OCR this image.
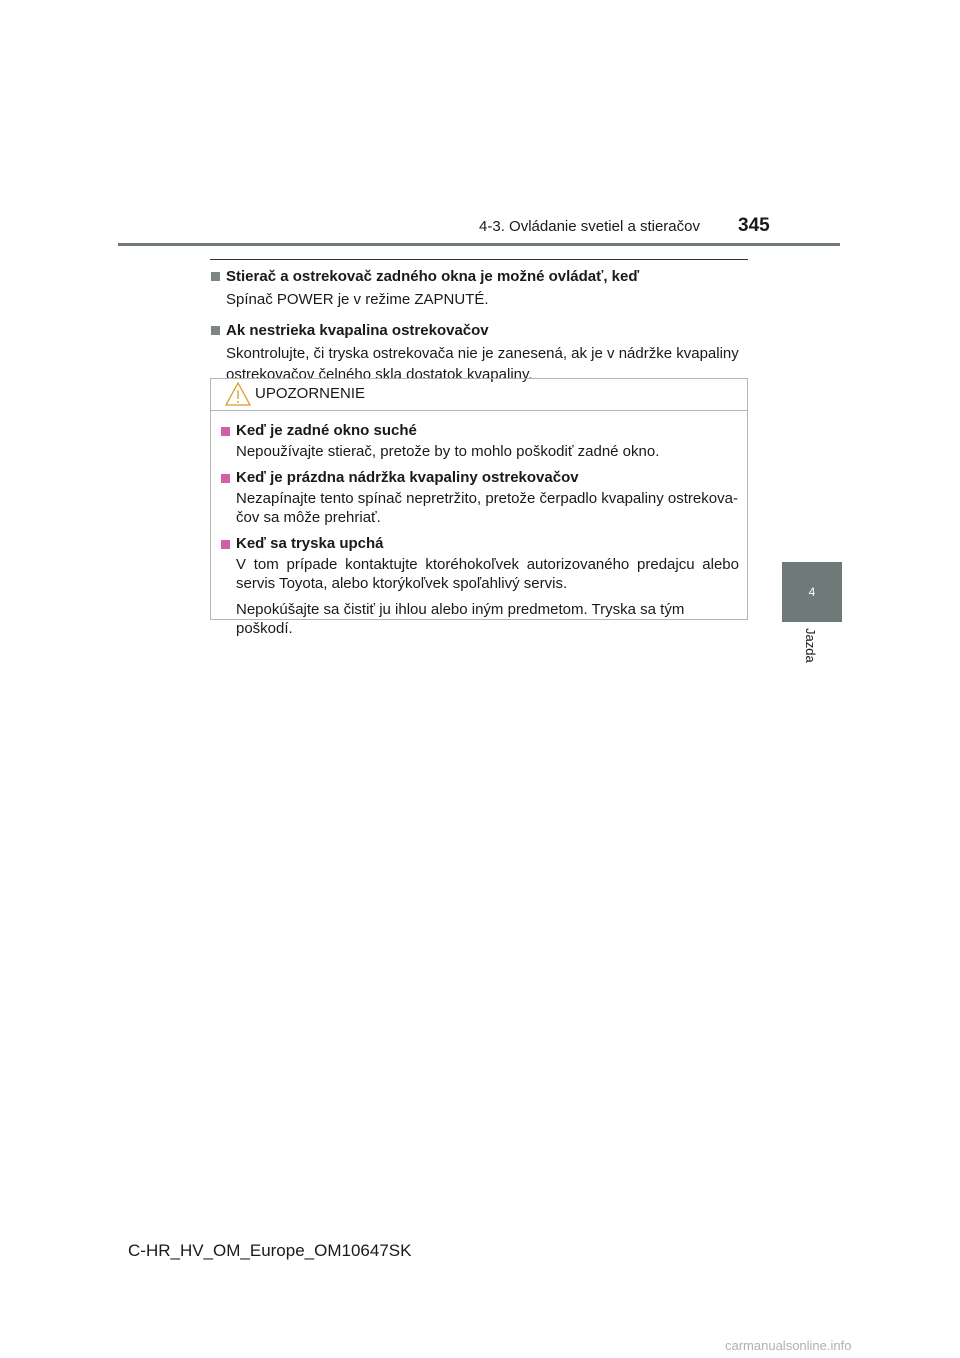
4-3. Ovládanie svetiel a stieračov 345
4
Jazda
Stierač a ostrekovač zadného okna je možné ovládať, keď
Spínač POWER je v režime ZAPNUTÉ.
Ak nestrieka kvapalina ostrekovačov
Skontrolujte, či tryska ostrekovača nie je zanesená, ak je v nádržke kvapaliny ostrekovačov čelného skla dostatok kvapaliny.
UPOZORNENIE
Keď je zadné okno suché
Nepoužívajte stierač, pretože by to mohlo poškodiť zadné okno.
Keď je prázdna nádržka kvapaliny ostrekovačov
Nezapínajte tento spínač nepretržito, pretože čerpadlo kvapaliny ostrekova-čov sa môže prehriať.
Keď sa tryska upchá
V tom prípade kontaktujte ktoréhokoľvek autorizovaného predajcu alebo servis Toyota, alebo ktorýkoľvek spoľahlivý servis.
Nepokúšajte sa čistiť ju ihlou alebo iným predmetom. Tryska sa tým poškodí.
C-HR_HV_OM_Europe_OM10647SK
carmanualsonline.info
